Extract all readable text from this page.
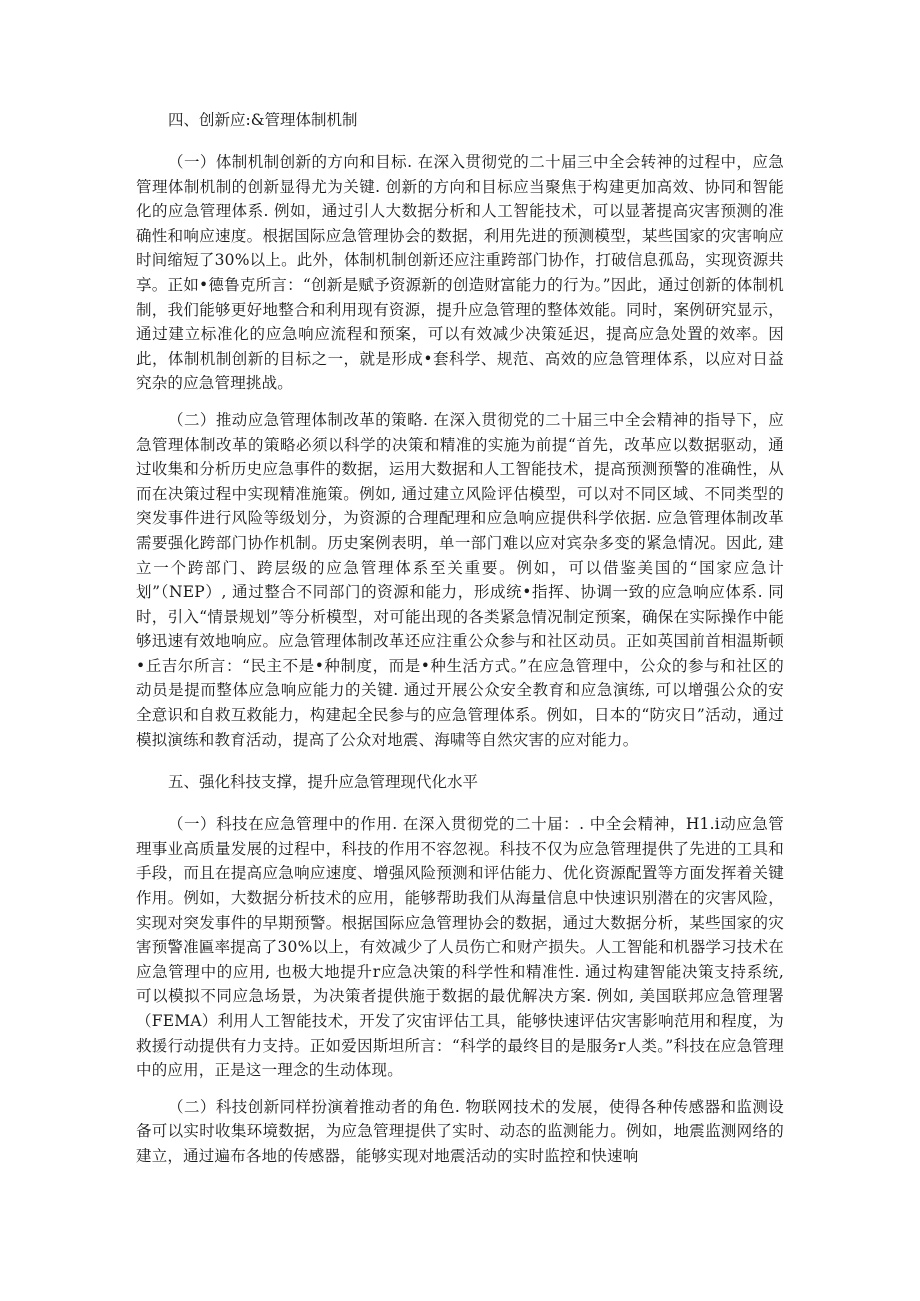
四、创新应:&管理体制机制

（一）体制机制创新的方向和目标. 在深入贯彻党的二十届三中全会转神的过程中，应急管理体制机制的创新显得尤为关键. 创新的方向和目标应当聚焦于构建更加高效、协同和智能化的应急管理体系. 例如，通过引人大数据分析和人工智能技术，可以显著提高灾害预测的准确性和响应速度。根据国际应急管理协会的数据，利用先进的预测模型，某些国家的灾害响应时间缩短了30%以上。此外，体制机制创新还应注重跨部门协作，打破信息孤岛，实现资源共享。正如•德鲁克所言：“创新是赋予资源新的创造财富能力的行为。”因此，通过创新的体制机制，我们能够更好地整合和利用现有资源，提升应急管理的整体效能。同时，案例研究显示，通过建立标准化的应急响应流程和预案，可以有效减少决策延迟，提高应急处置的效率。因此，体制机制创新的目标之一，就是形成•套科学、规范、高效的应急管理体系，以应对日益究杂的应急管理挑战。

（二）推动应急管理体制改革的策略. 在深入贯彻党的二十届三中全会精神的指导下，应急管理体制改革的策略必须以科学的决策和精准的实施为前提“首先，改革应以数据驱动，通过收集和分析历史应急事件的数据，运用大数据和人工智能技术，提高预测预警的准确性，从而在决策过程中实现精准施策。例如, 通过建立风险评估模型，可以对不同区域、不同类型的突发事件进行风险等级划分，为资源的合理配理和应急响应提供科学依据. 应急管理体制改革需要强化跨部门协作机制。历史案例表明，单一部门难以应对宾杂多变的紧急情况。因此, 建立一个跨部门、跨层级的应急管理体系至关重要。例如，可以借鉴美国的“国家应急计划”（NEP）, 通过整合不同部门的资源和能力，形成统•指挥、协调一致的应急响应体系. 同时，引入“情景规划”等分析模型，对可能出现的各类紧急情况制定预案，确保在实际操作中能够迅速有效地响应。应急管理体制改革还应注重公众参与和社区动员。正如英国前首相温斯顿•丘吉尔所言：“民主不是•种制度，而是•种生活方式。”在应急管理中，公众的参与和社区的动员是提而整体应急响应能力的关键. 通过开展公众安全教育和应急演练, 可以增强公众的安全意识和自救互救能力，构建起全民参与的应急管理体系。例如，日本的“防灾日”活动，通过模拟演练和教育活动，提高了公众对地震、海啸等自然灾害的应对能力。

五、强化科技支撑，提升应急管理现代化水平

（一）科技在应急管理中的作用. 在深入贯彻党的二十届：. 中全会精神，H1.i动应急管理事业高质量发展的过程中，科技的作用不容忽视。科技不仅为应急管理提供了先进的工具和手段，而且在提高应急响应速度、增强风险预测和评估能力、优化资源配置等方面发挥着关键作用。例如，大数据分析技术的应用，能够帮助我们从海量信息中快速识别潜在的灾害风险，实现对突发事件的早期预警。根据国际应急管理协会的数据，通过大数据分析，某些国家的灾害预警准匾率提高了30%以上，有效减少了人员伤亡和财产损失。人工智能和机器学习技术在应急管理中的应用, 也极大地提升r应急决策的科学性和精准性. 通过构建智能决策支持系统, 可以模拟不同应急场景，为决策者提供施于数据的最优解决方案. 例如, 美国联邦应急管理署（FEMA）利用人工智能技术，开发了灾宙评估工具，能够快速评估灾害影响范用和程度，为救援行动提供有力支持。正如爱因斯坦所言：“科学的最终目的是服务r人类。”科技在应急管理中的应用，正是这一理念的生动体现。

（二）科技创新同样扮演着推动者的角色. 物联网技术的发展，使得各种传感器和监测设备可以实时收集环境数据，为应急管理提供了实时、动态的监测能力。例如，地震监测网络的建立，通过遍布各地的传感器，能够实现对地震活动的实时监控和快速响
